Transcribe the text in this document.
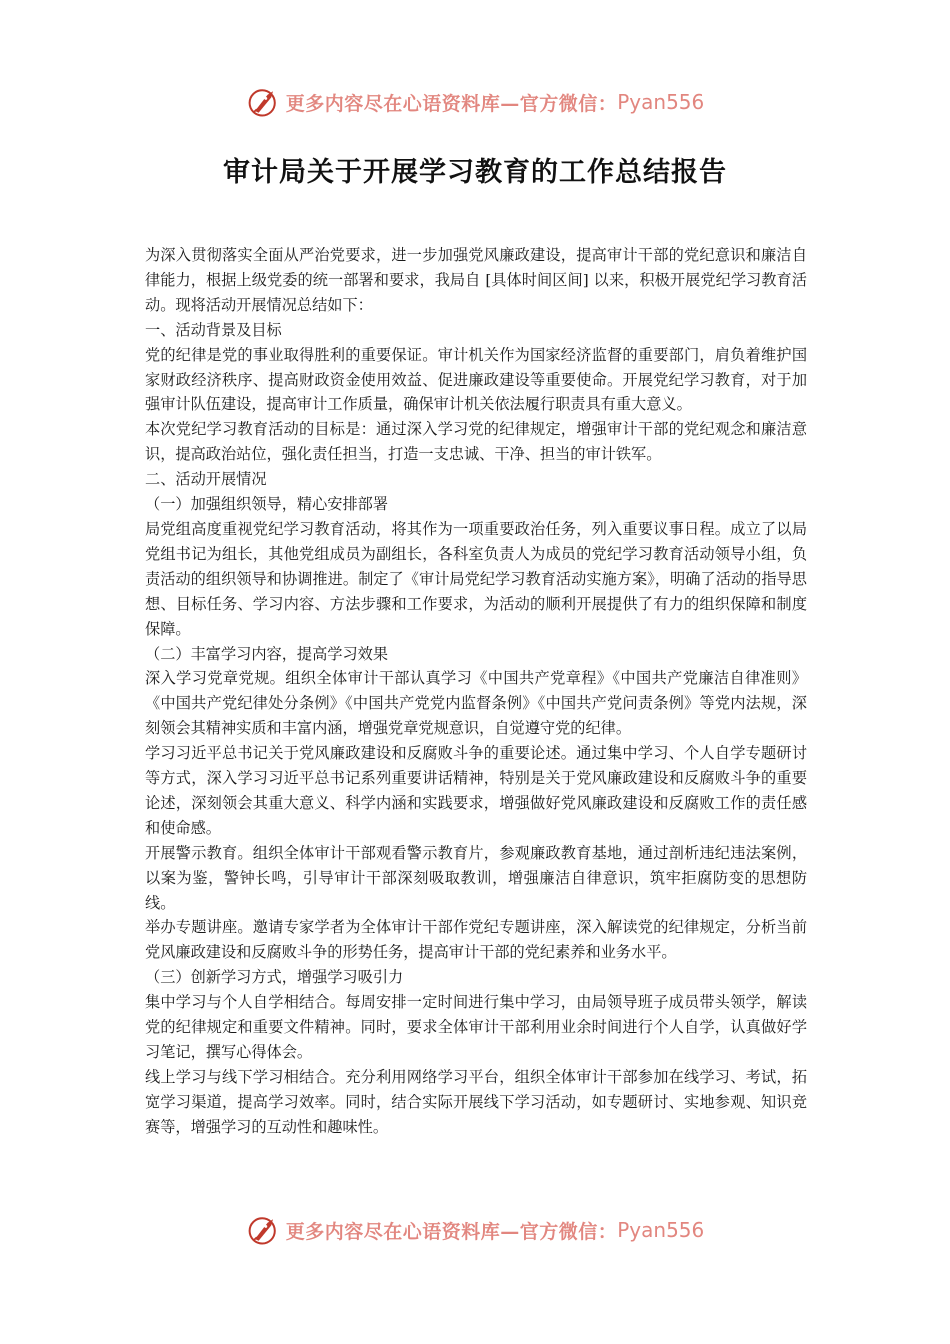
更多内容尽在心语资料库—官方微信： Pyan556
审计局关于开展学习教育的工作总结报告

为深入贯彻落实全面从严治党要求，进一步加强党风廉政建设，提高审计干部的党纪意识和廉洁自律能力，根据上级党委的统一部署和要求，我局自 [具体时间区间] 以来，积极开展党纪学习教育活动。现将活动开展情况总结如下：

一、活动背景及目标

党的纪律是党的事业取得胜利的重要保证。审计机关作为国家经济监督的重要部门，肩负着维护国家财政经济秩序、提高财政资金使用效益、促进廉政建设等重要使命。开展党纪学习教育，对于加强审计队伍建设，提高审计工作质量，确保审计机关依法履行职责具有重大意义。

本次党纪学习教育活动的目标是：通过深入学习党的纪律规定，增强审计干部的党纪观念和廉洁意识，提高政治站位，强化责任担当，打造一支忠诚、干净、担当的审计铁军。

二、活动开展情况

（一）加强组织领导，精心安排部署

局党组高度重视党纪学习教育活动，将其作为一项重要政治任务，列入重要议事日程。成立了以局党组书记为组长，其他党组成员为副组长，各科室负责人为成员的党纪学习教育活动领导小组，负责活动的组织领导和协调推进。制定了《审计局党纪学习教育活动实施方案》，明确了活动的指导思想、目标任务、学习内容、方法步骤和工作要求，为活动的顺利开展提供了有力的组织保障和制度保障。

（二）丰富学习内容，提高学习效果

深入学习党章党规。组织全体审计干部认真学习《中国共产党章程》《中国共产党廉洁自律准则》《中国共产党纪律处分条例》《中国共产党党内监督条例》《中国共产党问责条例》等党内法规，深刻领会其精神实质和丰富内涵，增强党章党规意识，自觉遵守党的纪律。

学习习近平总书记关于党风廉政建设和反腐败斗争的重要论述。通过集中学习、个人自学专题研讨等方式，深入学习习近平总书记系列重要讲话精神，特别是关于党风廉政建设和反腐败斗争的重要论述，深刻领会其重大意义、科学内涵和实践要求，增强做好党风廉政建设和反腐败工作的责任感和使命感。

开展警示教育。组织全体审计干部观看警示教育片，参观廉政教育基地，通过剖析违纪违法案例，以案为鉴，警钟长鸣，引导审计干部深刻吸取教训，增强廉洁自律意识，筑牢拒腐防变的思想防线。

举办专题讲座。邀请专家学者为全体审计干部作党纪专题讲座，深入解读党的纪律规定，分析当前党风廉政建设和反腐败斗争的形势任务，提高审计干部的党纪素养和业务水平。

（三）创新学习方式，增强学习吸引力

集中学习与个人自学相结合。每周安排一定时间进行集中学习，由局领导班子成员带头领学，解读党的纪律规定和重要文件精神。同时，要求全体审计干部利用业余时间进行个人自学，认真做好学习笔记，撰写心得体会。

线上学习与线下学习相结合。充分利用网络学习平台，组织全体审计干部参加在线学习、考试，拓宽学习渠道，提高学习效率。同时，结合实际开展线下学习活动，如专题研讨、实地参观、知识竞赛等，增强学习的互动性和趣味性。

更多内容尽在心语资料库—官方微信： Pyan556
